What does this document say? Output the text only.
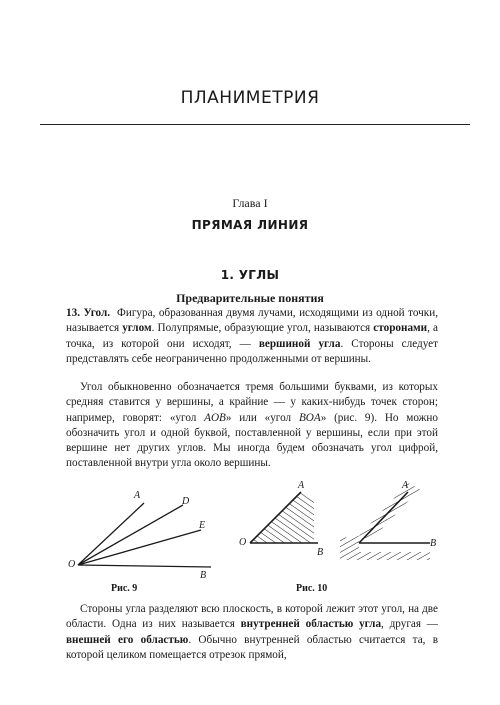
ПЛАНИМЕТРИЯ
Глава I
ПРЯМАЯ ЛИНИЯ
1. УГЛЫ
Предварительные понятия
13. Угол. Фигура, образованная двумя лучами, исходящими из одной точки, называется углом. Полупрямые, образующие угол, называются сторонами, а точка, из которой они исходят, — вершиной угла. Стороны следует представлять себе неограниченно продолженными от вершины.
Угол обыкновенно обозначается тремя большими буквами, из которых средняя ставится у вершины, а крайние — у каких-нибудь точек сторон; например, говорят: «угол AOB» или «угол BOA» (рис. 9). Но можно обозначить угол и одной буквой, поставленной у вершины, если при этой вершине нет других углов. Мы иногда будем обозначать угол цифрой, поставленной внутри угла около вершины.
A
D
E
O
B
Рис. 9
A
O
B
A
B
Рис. 10
Стороны угла разделяют всю плоскость, в которой лежит этот угол, на две области. Одна из них называется внутренней областью угла, другая — внешней его областью. Обычно внутренней областью считается та, в которой целиком помещается отрезок прямой,
